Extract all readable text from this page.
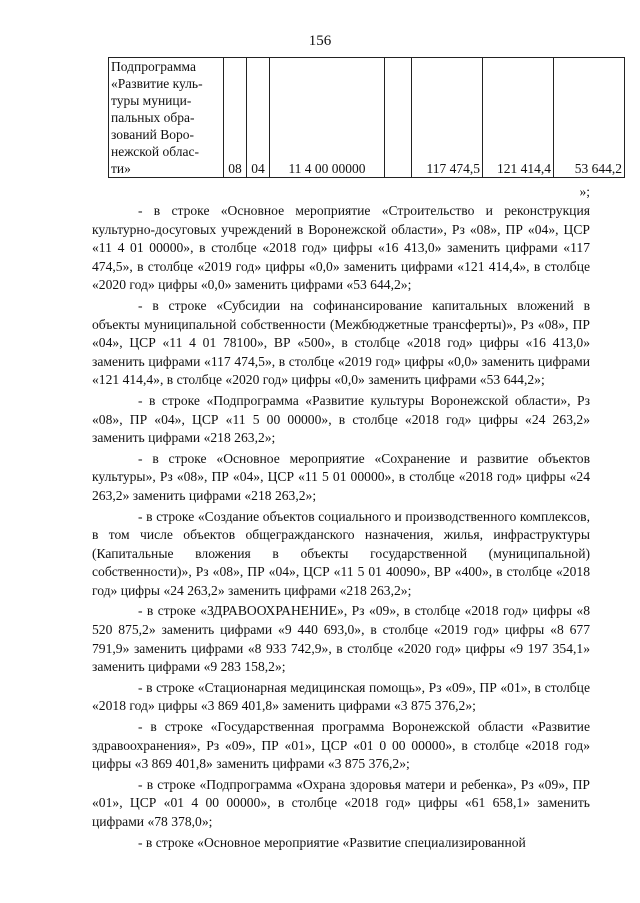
156
Подпрограмма
«Развитие куль-
туры муници-
пальных обра-
зований Воро-
нежской облас-
ти»	08	04	11 4 00 00000		117 474,5	121 414,4	53 644,2
»;

- в строке «Основное мероприятие «Строительство и реконструкция культурно-досуговых учреждений в Воронежской области», Рз «08», ПР «04», ЦСР «11 4 01 00000», в столбце «2018 год» цифры «16 413,0» заменить цифрами «117 474,5», в столбце «2019 год» цифры «0,0» заменить цифрами «121 414,4», в столбце «2020 год» цифры «0,0» заменить цифрами «53 644,2»;

- в строке «Субсидии на софинансирование капитальных вложений в объекты муниципальной собственности (Межбюджетные трансферты)», Рз «08», ПР «04», ЦСР «11 4 01 78100», ВР «500», в столбце «2018 год» цифры «16 413,0» заменить цифрами «117 474,5», в столбце «2019 год» цифры «0,0» заменить цифрами «121 414,4», в столбце «2020 год» цифры «0,0» заменить цифрами «53 644,2»;

- в строке «Подпрограмма «Развитие культуры Воронежской области», Рз «08», ПР «04», ЦСР «11 5 00 00000», в столбце «2018 год» цифры «24 263,2» заменить цифрами «218 263,2»;

- в строке «Основное мероприятие «Сохранение и развитие объектов культуры», Рз «08», ПР «04», ЦСР «11 5 01 00000», в столбце «2018 год» цифры «24 263,2» заменить цифрами «218 263,2»;

- в строке «Создание объектов социального и производственного комплексов, в том числе объектов общегражданского назначения, жилья, инфраструктуры (Капитальные вложения в объекты государственной (муниципальной) собственности)», Рз «08», ПР «04», ЦСР «11 5 01 40090», ВР «400», в столбце «2018 год» цифры «24 263,2» заменить цифрами «218 263,2»;

- в строке «ЗДРАВООХРАНЕНИЕ», Рз «09», в столбце «2018 год» цифры «8 520 875,2» заменить цифрами «9 440 693,0», в столбце «2019 год» цифры «8 677 791,9» заменить цифрами «8 933 742,9», в столбце «2020 год» цифры «9 197 354,1» заменить цифрами «9 283 158,2»;

- в строке «Стационарная медицинская помощь», Рз «09», ПР «01», в столбце «2018 год» цифры «3 869 401,8» заменить цифрами «3 875 376,2»;

- в строке «Государственная программа Воронежской области «Развитие здравоохранения», Рз «09», ПР «01», ЦСР «01 0 00 00000», в столбце «2018 год» цифры «3 869 401,8» заменить цифрами «3 875 376,2»;

- в строке «Подпрограмма «Охрана здоровья матери и ребенка», Рз «09», ПР «01», ЦСР «01 4 00 00000», в столбце «2018 год» цифры «61 658,1» заменить цифрами «78 378,0»;

- в строке «Основное мероприятие «Развитие специализированной
